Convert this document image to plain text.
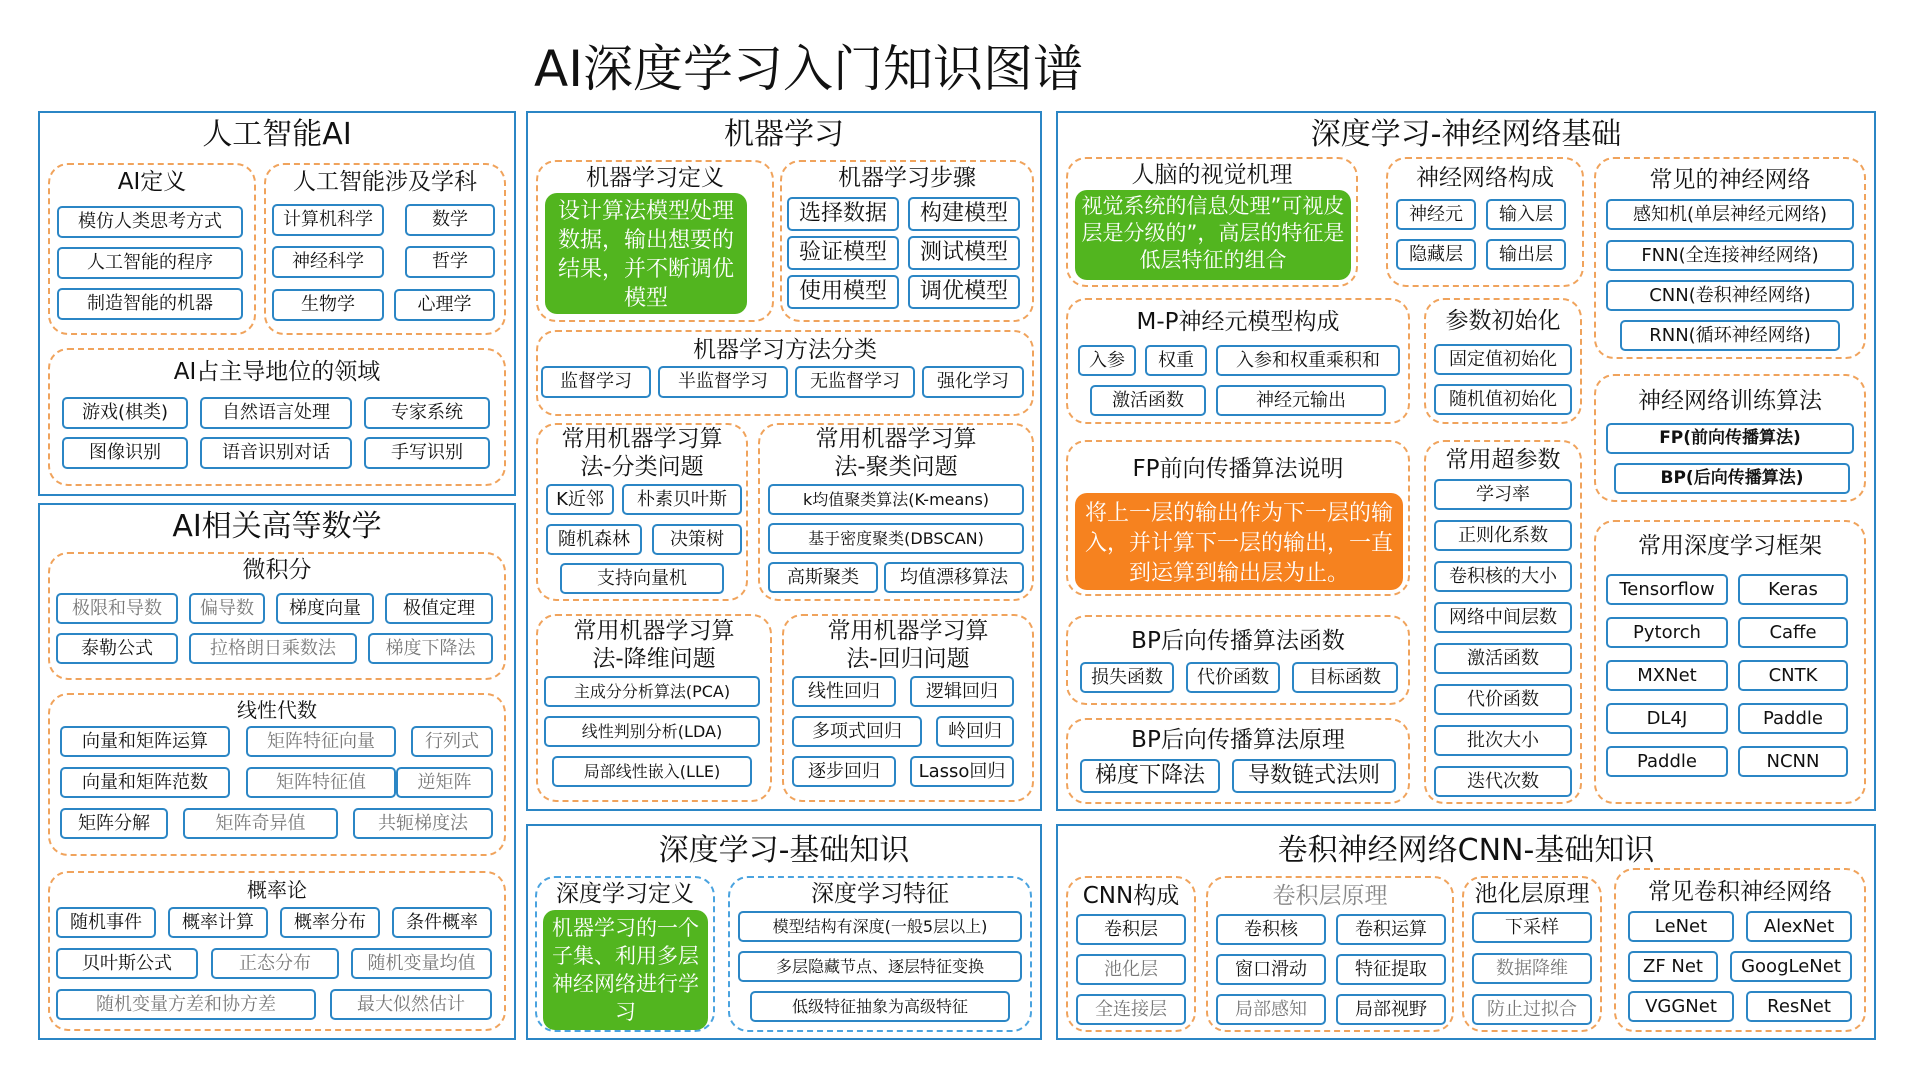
AI深度学习入门知识图谱
人工智能AI
AI定义
模仿人类思考方式
人工智能的程序
制造智能的机器
人工智能涉及学科
计算机科学	数学
神经科学	哲学
生物学	心理学
AI占主导地位的领域
游戏(棋类)	自然语言处理	专家系统
图像识别	语音识别对话	手写识别
AI相关高等数学
微积分
极限和导数	偏导数	梯度向量	极值定理
泰勒公式	拉格朗日乘数法	梯度下降法
线性代数
向量和矩阵运算	矩阵特征向量	行列式
向量和矩阵范数	矩阵特征值	逆矩阵
矩阵分解	矩阵奇异值	共轭梯度法
概率论
随机事件	概率计算	概率分布	条件概率
贝叶斯公式	正态分布	随机变量均值
随机变量方差和协方差	最大似然估计
机器学习
机器学习定义
设计算法模型处理数据，输出想要的结果，并不断调优模型
机器学习步骤
选择数据	构建模型
验证模型	测试模型
使用模型	调优模型
机器学习方法分类
监督学习	半监督学习	无监督学习	强化学习
常用机器学习算法-分类问题
K近邻	朴素贝叶斯
随机森林	决策树
支持向量机
常用机器学习算法-聚类问题
k均值聚类算法(K-means)
基于密度聚类(DBSCAN)
高斯聚类	均值漂移算法
常用机器学习算法-降维问题
主成分分析算法(PCA)
线性判别分析(LDA)
局部线性嵌入(LLE)
常用机器学习算法-回归问题
线性回归	逻辑回归
多项式回归	岭回归
逐步回归	Lasso回归
深度学习-基础知识
深度学习定义
机器学习的一个子集、利用多层神经网络进行学习
深度学习特征
模型结构有深度(一般5层以上)
多层隐藏节点、逐层特征变换
低级特征抽象为高级特征
深度学习-神经网络基础
人脑的视觉机理
视觉系统的信息处理”可视皮层是分级的”，高层的特征是低层特征的组合
神经网络构成
神经元	输入层
隐藏层	输出层
常见的神经网络
感知机(单层神经元网络)
FNN(全连接神经网络)
CNN(卷积神经网络)
RNN(循环神经网络)
M-P神经元模型构成
入参	权重	入参和权重乘积和
激活函数	神经元输出
参数初始化
固定值初始化
随机值初始化	神经网络训练算法
FP(前向传播算法)
BP(后向传播算法)
FP前向传播算法说明
将上一层的输出作为下一层的输入，并计算下一层的输出，一直到运算到输出层为止。
常用超参数
学习率
正则化系数
卷积核的大小
网络中间层数
激活函数
代价函数
批次大小
迭代次数
常用深度学习框架
Tensorflow	Keras
Pytorch	Caffe
MXNet	CNTK
DL4J	Paddle
Paddle	NCNN
BP后向传播算法函数
损失函数	代价函数	目标函数
BP后向传播算法原理
梯度下降法	导数链式法则
卷积神经网络CNN-基础知识
CNN构成
卷积层
池化层
全连接层
卷积层原理
卷积核	卷积运算
窗口滑动	特征提取
局部感知	局部视野
池化层原理
下采样
数据降维
防止过拟合
常见卷积神经网络
LeNet	AlexNet
ZF Net	GoogLeNet
VGGNet	ResNet
